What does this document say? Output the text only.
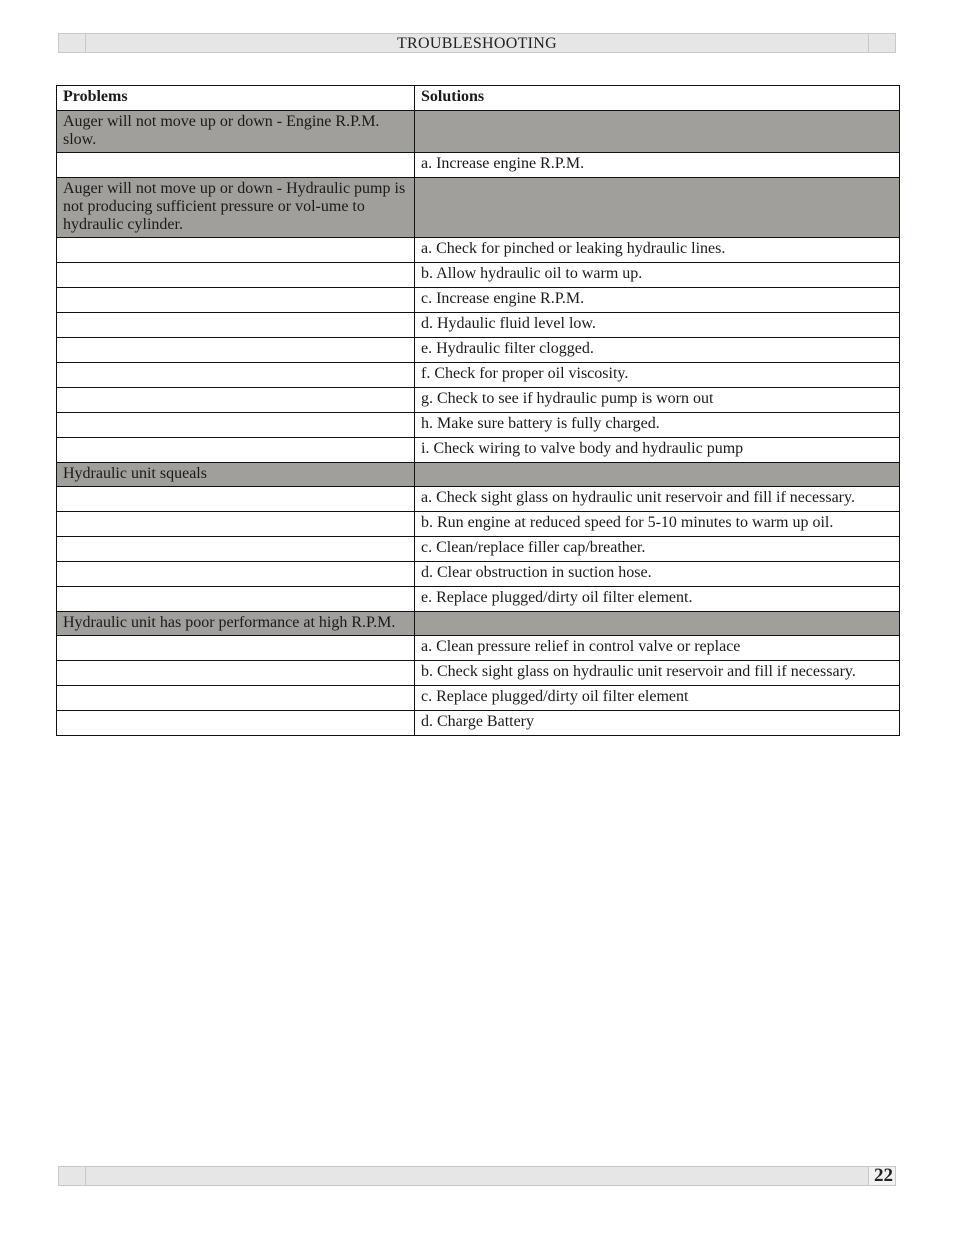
TROUBLESHOOTING
Problems	Solutions
Auger will not move up or down - Engine R.P.M. slow.	
	a. Increase engine R.P.M.
Auger will not move up or down - Hydraulic pump is not producing sufficient pressure or vol-ume to hydraulic cylinder.	
	a. Check for pinched or leaking hydraulic lines.
	b. Allow hydraulic oil to warm up.
	c. Increase engine R.P.M.
	d. Hydaulic fluid level low.
	e. Hydraulic filter clogged.
	f. Check for proper oil viscosity.
	g. Check to see if hydraulic pump is worn out
	h. Make sure battery is fully charged.
	i. Check wiring to valve body and hydraulic pump
Hydraulic unit squeals	
	a. Check sight glass on hydraulic unit reservoir and fill if necessary.
	b. Run engine at reduced speed for 5-10 minutes to warm up oil.
	c. Clean/replace filler cap/breather.
	d. Clear obstruction in suction hose.
	e. Replace plugged/dirty oil filter element.
Hydraulic unit has poor performance at high R.P.M.	
	a. Clean pressure relief in control valve or replace
	b. Check sight glass on hydraulic unit reservoir and fill if necessary.
	c. Replace plugged/dirty oil filter element
	d. Charge Battery
22
